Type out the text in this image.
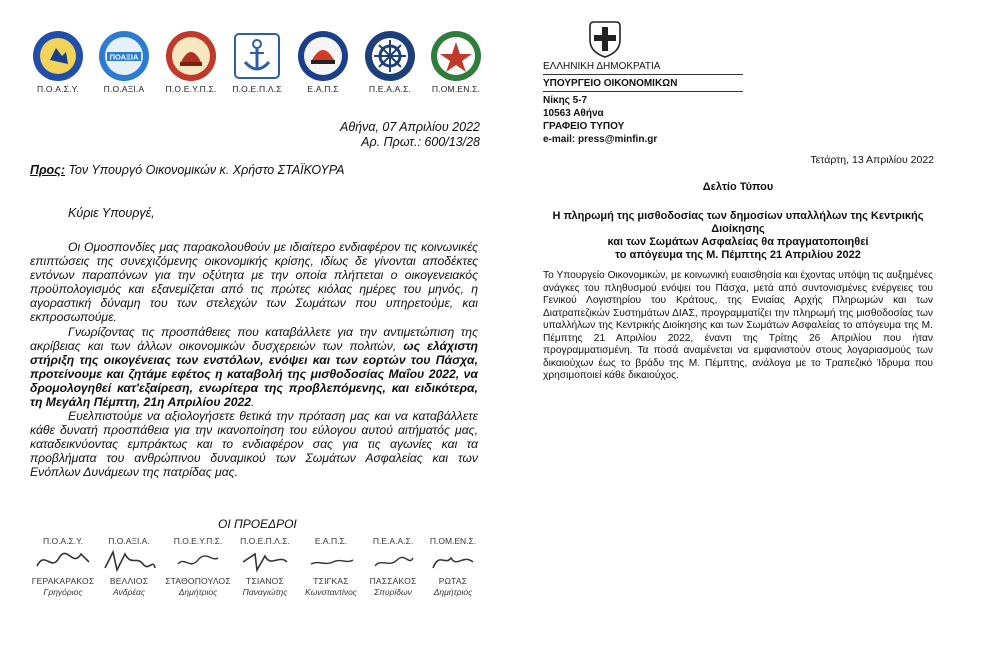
Π.Ο.Α.Σ.Υ.
ΠΟΑΞΙΑ
Π.Ο.ΑΞΙ.Α	Π.Ο.Ε.Υ.Π.Σ.	Π.Ο.Ε.Π.Λ.Σ	Ε.Α.Π.Σ	Π.Ε.Α.Α.Σ.	Π.ΟΜ.ΕΝ.Σ.
Αθήνα, 07 Απριλίου 2022
Αρ. Πρωτ.: 600/13/28
Προς: Τον Υπουργό Οικονομικών κ. Χρήστο ΣΤΑΪΚΟΥΡΑ
Κύριε Υπουργέ,

Οι Ομοσπονδίες μας παρακολουθούν με ιδιαίτερο ενδιαφέρον τις κοινωνικές επιπτώσεις της συνεχιζόμενης οικονομικής κρίσης, ιδίως δε γίνονται αποδέκτες εντόνων παραπόνων για την οξύτητα με την οποία πλήττεται ο οικογενειακός προϋπολογισμός και εξανεμίζεται από τις πρώτες κιόλας ημέρες του μηνός, η αγοραστική δύναμη του των στελεχών των Σωμάτων που υπηρετούμε, και εκπροσωπούμε.

Γνωρίζοντας τις προσπάθειες που καταβάλλετε για την αντιμετώπιση της ακρίβειας και των άλλων οικονομικών δυσχερειών των πολιτών, ως ελάχιστη στήριξη της οικογένειας των ενστόλων, ενόψει και των εορτών του Πάσχα, προτείνουμε και ζητάμε εφέτος η καταβολή της μισθοδοσίας Μαΐου 2022, να δρομολογηθεί κατ'εξαίρεση, ενωρίτερα της προβλεπόμενης, και ειδικότερα, τη Μεγάλη Πέμπτη, 21η Απριλίου 2022.

Ευελπιστούμε να αξιολογήσετε θετικά την πρόταση μας και να καταβάλλετε κάθε δυνατή προσπάθεια για την ικανοποίηση του εύλογου αυτού αιτήματός μας, καταδεικνύοντας εμπράκτως και το ενδιαφέρον σας για τις αγωνίες και τα προβλήματα του ανθρώπινου δυναμικού των Σωμάτων Ασφαλείας και των Ενόπλων Δυνάμεων της πατρίδας μας.

ΟΙ ΠΡΟΕΔΡΟΙ
Π.Ο.Α.Σ.Υ.
ΓΕΡΑΚΑΡΑΚΟΣ
Γρηγόριος
Π.Ο.ΑΞΙ.Α.
ΒΕΛΛΙΟΣ
Ανδρέας
Π.Ο.Ε.Υ.Π.Σ.
ΣΤΑΘΟΠΟΥΛΟΣ
Δημήτριος
Π.Ο.Ε.Π.Λ.Σ.
ΤΣΙΑΝΟΣ
Παναγιώτης
Ε.Α.Π.Σ.
ΤΣΙΓΚΑΣ
Κωνσταντίνος
Π.Ε.Α.Α.Σ.
ΠΑΣΣΑΚΟΣ
Σπυρίδων
Π.ΟΜ.ΕΝ.Σ.
ΡΩΤΑΣ
Δημήτριος
ΕΛΛΗΝΙΚΗ ΔΗΜΟΚΡΑΤΙΑ
ΥΠΟΥΡΓΕΙΟ ΟΙΚΟΝΟΜΙΚΩΝ
Νίκης 5-7
10563 Αθήνα
ΓΡΑΦΕΙΟ ΤΥΠΟΥ
e-mail: press@minfin.gr
Τετάρτη, 13 Απριλίου 2022
Δελτίο Τύπου
Η πληρωμή της μισθοδοσίας των δημοσίων υπαλλήλων της Κεντρικής Διοίκησης
και των Σωμάτων Ασφαλείας θα πραγματοποιηθεί
το απόγευμα της Μ. Πέμπτης 21 Απριλίου 2022

Το Υπουργείο Οικονομικών, με κοινωνική ευαισθησία και έχοντας υπόψη τις αυξημένες ανάγκες του πληθυσμού ενόψει του Πάσχα, μετά από συντονισμένες ενέργειες του Γενικού Λογιστηρίου του Κράτους, της Ενιαίας Αρχής Πληρωμών και των Διατραπεζικών Συστημάτων ΔΙΑΣ, προγραμματίζει την πληρωμή της μισθοδοσίας των υπαλλήλων της Κεντρικής Διοίκησης και των Σωμάτων Ασφαλείας το απόγευμα της Μ. Πέμπτης 21 Απριλίου 2022, έναντι της Τρίτης 26 Απριλίου που ήταν προγραμματισμένη. Τα ποσά αναμένεται να εμφανιστούν στους λογαριασμούς των δικαιούχων έως το βράδυ της Μ. Πέμπτης, ανάλογα με το Τραπεζικό Ίδρυμα που χρησιμοποιεί κάθε δικαιούχος.
